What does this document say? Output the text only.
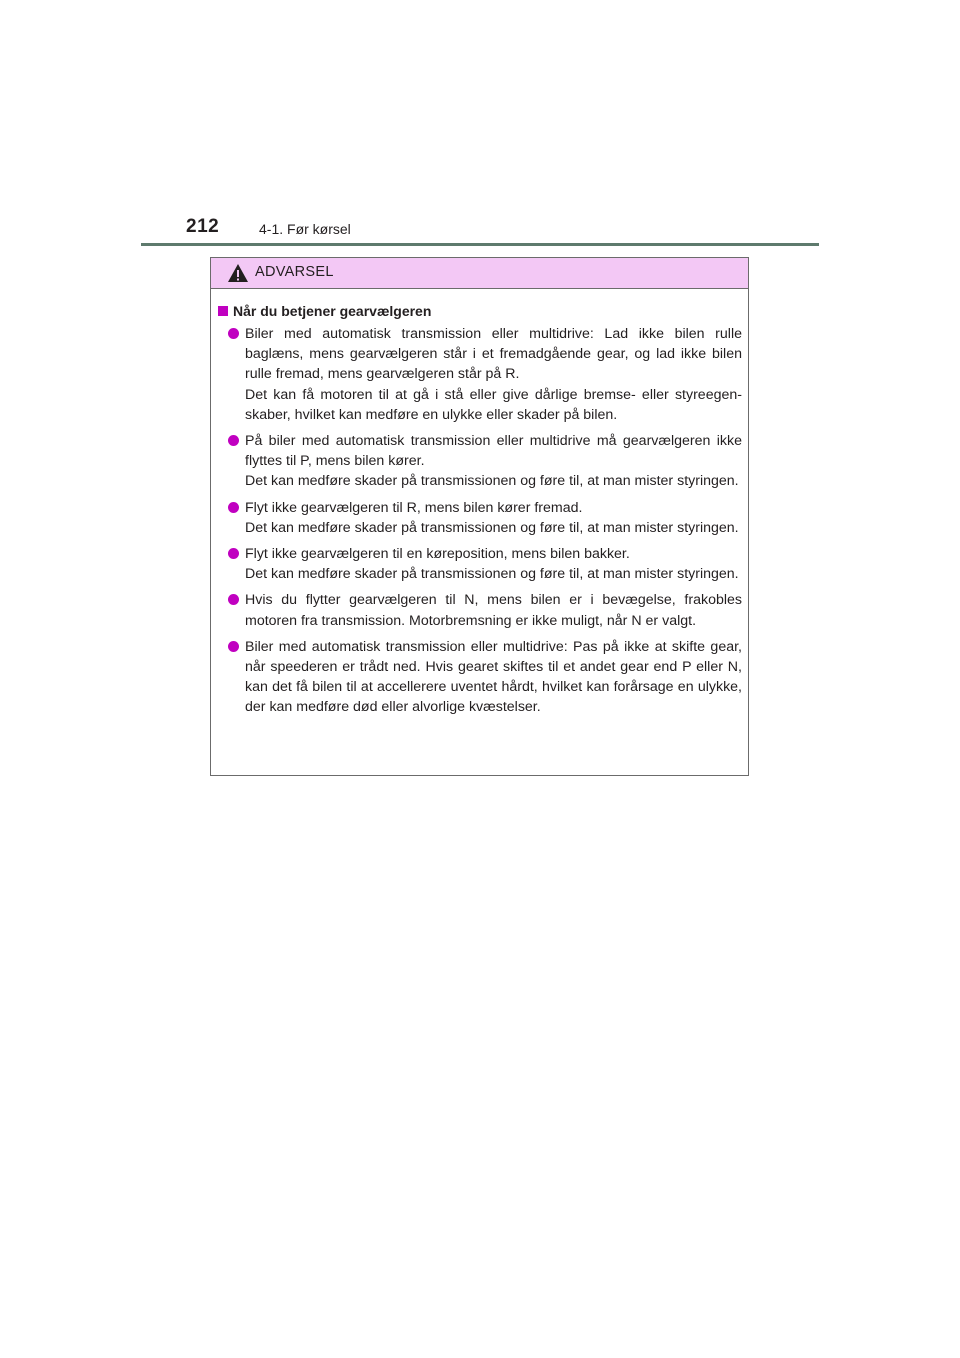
212	4-1. Før kørsel
ADVARSEL
Når du betjener gearvælgeren
Biler med automatisk transmission eller multidrive: Lad ikke bilen rulle baglæns, mens gearvælgeren står i et fremadgående gear, og lad ikke bilen rulle fremad, mens gearvælgeren står på R.
Det kan få motoren til at gå i stå eller give dårlige bremse- eller styreegen-skaber, hvilket kan medføre en ulykke eller skader på bilen.
På biler med automatisk transmission eller multidrive må gearvælgeren ikke flyttes til P, mens bilen kører.
Det kan medføre skader på transmissionen og føre til, at man mister styringen.
Flyt ikke gearvælgeren til R, mens bilen kører fremad.
Det kan medføre skader på transmissionen og føre til, at man mister styringen.
Flyt ikke gearvælgeren til en køreposition, mens bilen bakker.
Det kan medføre skader på transmissionen og føre til, at man mister styringen.
Hvis du flytter gearvælgeren til N, mens bilen er i bevægelse, frakobles motoren fra transmission. Motorbremsning er ikke muligt, når N er valgt.
Biler med automatisk transmission eller multidrive: Pas på ikke at skifte gear, når speederen er trådt ned. Hvis gearet skiftes til et andet gear end P eller N, kan det få bilen til at accellerere uventet hårdt, hvilket kan forårsage en ulykke, der kan medføre død eller alvorlige kvæstelser.
